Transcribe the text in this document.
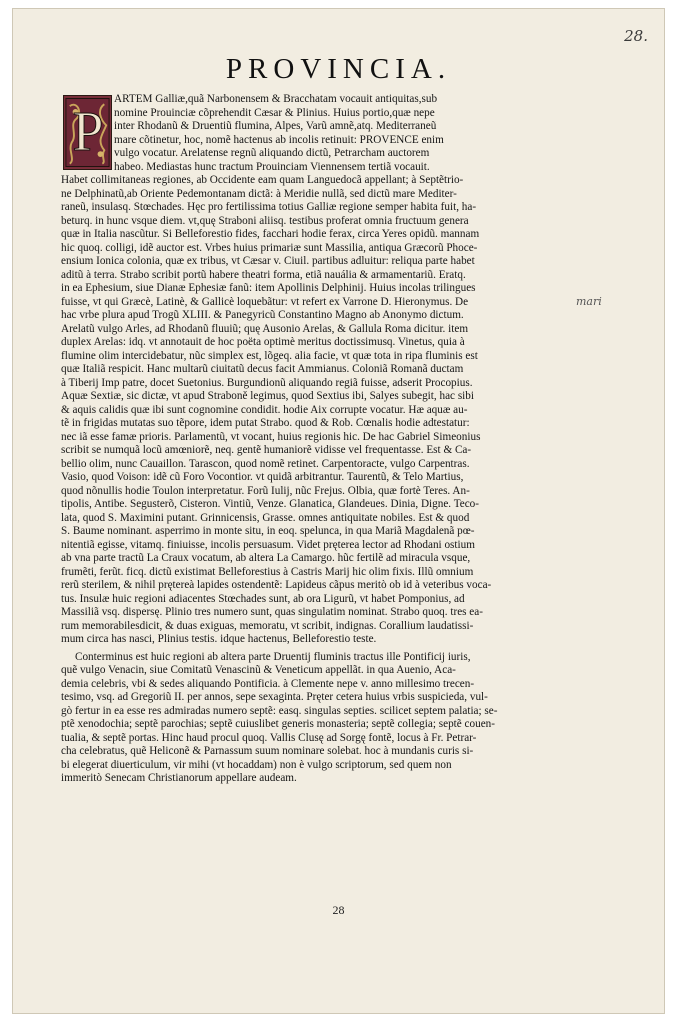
28.
PROVINCIA.
P
ARTEM Galliæ,quã Narbonensem & Bracchatam vocauit antiquitas,sub
nomine Prouinciæ cõprehendit Cæsar & Plinius. Huius portio,quæ nepe
inter Rhodanũ & Druentiũ flumina, Alpes, Varũ amnẽ,atq. Mediterraneũ
mare cõtinetur, hoc, nomẽ hactenus ab incolis retinuit: PROVENCE enim
vulgo vocatur. Arelatense regnũ aliquando dictũ, Petrarcham auctorem
habeo. Mediastas hunc tractum Prouinciam Viennensem tertiã vocauit.
Habet collimitaneas regiones, ab Occidente eam quam Languedocã appellant; à Septẽtrio-
ne Delphinatũ,ab Oriente Pedemontanam dictã: à Meridie nullã, sed dictũ mare Mediter-
raneũ, insulasq. Stœchades. Hęc pro fertilissima totius Galliæ regione semper habita fuit, ha-
beturq. in hunc vsque diem. vt,quę Straboni aliisq. testibus proferat omnia fructuum genera
quæ in Italia nascũtur. Si Belleforestio fides, facchari hodie ferax, circa Yeres opidũ. mannam
hic quoq. colligi, idẽ auctor est. Vrbes huius primariæ sunt Massilia, antiqua Græcorũ Phoce-
ensium Ionica colonia, quæ ex tribus, vt Cæsar v. Ciuil. partibus adluitur: reliqua parte habet
aditũ à terra. Strabo scribit portũ habere theatri forma, etiã nauália & armamentariũ. Eratq.
in ea Ephesium, siue Dianæ Ephesiæ fanũ: item Apollinis Delphinij. Huius incolas trilingues
fuisse, vt qui Græcè, Latinè, & Gallicè loquebãtur: vt refert ex Varrone D. Hieronymus. De
hac vrbe plura apud Trogũ XLIII. & Panegyricũ Constantino Magno ab Anonymo dictum.
Arelatũ vulgo Arles, ad Rhodanũ fluuiũ; quę Ausonio Arelas, & Gallula Roma dicitur. item
duplex Arelas: idq. vt annotauit de hoc poëta optimè meritus doctissimusq. Vinetus, quia à
flumine olim intercidebatur, nũc simplex est, lõgeq. alia facie, vt quæ tota in ripa fluminis est
quæ Italiã respicit. Hanc multarũ ciuitatũ decus facit Ammianus. Coloniã Romanã ductam
à Tiberij Imp patre, docet Suetonius. Burgundionũ aliquando regiã fuisse, adserit Procopius.
Aquæ Sextiæ, sic dictæ, vt apud Straboně legimus, quod Sextius ibi, Salyes subegit, hac sibi
& aquis calidis quæ ibi sunt cognomine condidit. hodie Aix corrupte vocatur. Hæ aquæ au-
tẽ in frigidas mutatas suo tẽpore, idem putat Strabo. quod & Rob. Cœnalis hodie adtestatur:
nec iã esse famæ prioris. Parlamentũ, vt vocant, huius regionis hic. De hac Gabriel Simeonius
scribit se numquã locũ amœniorẽ, neq. gentẽ humaniorẽ vidisse vel frequentasse. Est & Ca-
bellio olim, nunc Cauaillon. Tarascon, quod nomẽ retinet. Carpentoracte, vulgo Carpentras.
Vasio, quod Voison: idẽ cũ Foro Vocontior. vt quidã arbitrantur. Taurentũ, & Telo Martius,
quod nõnullis hodie Toulon interpretatur. Forũ Iulij, nũc Frejus. Olbia, quæ fortè Teres. An-
tipolis, Antibe. Segusterõ, Cisteron. Vintiũ, Venze. Glanatica, Glandeues. Dinia, Digne. Teco-
lata, quod S. Maximini putant. Grinnicensis, Grasse. omnes antiquitate nobiles. Est & quod
S. Baume nominant. asperrimo in monte situ, in eoq. spelunca, in qua Mariã Magdalenã pœ-
nitentiã egisse, vitamq. finiuisse, incolis persuasum. Videt pręterea lector ad Rhodani ostium
ab vna parte tractũ La Craux vocatum, ab altera La Camargo. hũc fertilẽ ad miracula vsque,
frumẽti, ferũt. ficq. dictũ existimat Belleforestius à Castris Marij hic olim fixis. Illũ omnium
rerũ sterilem, & nihil prętereà lapides ostendentẽ: Lapideus cãpus meritò ob id à veteribus voca-
tus. Insulæ huic regioni adiacentes Stœchades sunt, ab ora Ligurũ, vt habet Pomponius, ad
Massiliã vsq. dispersę. Plinio tres numero sunt, quas singulatim nominat. Strabo quoq. tres ea-
rum memorabilesdicit, & duas exiguas, memoratu, vt scribit, indignas. Corallium laudatissi-
mum circa has nasci, Plinius testis. idque hactenus, Belleforestio teste.
Conterminus est huic regioni ab altera parte Druentij fluminis tractus ille Pontificij iuris,
quẽ vulgo Venacin, siue Comitatũ Venascinũ & Veneticum appellãt. in qua Auenio, Aca-
demia celebris, vbi & sedes aliquando Pontificia. à Clemente nepe v. anno millesimo trecen-
tesimo, vsq. ad Gregoriũ II. per annos, sepe sexaginta. Pręter cetera huius vrbis suspicieda, vul-
gò fertur in ea esse res admiradas numero septẽ: easq. singulas septies. scilicet septem palatia; se-
ptẽ xenodochia; septẽ parochias; septẽ cuiuslibet generis monasteria; septẽ collegia; septẽ couen-
tualia, & septẽ portas. Hinc haud procul quoq. Vallis Clusę ad Sorgę fontẽ, locus à Fr. Petrar-
cha celebratus, quẽ Heliconẽ & Parnassum suum nominare solebat. hoc à mundanis curis si-
bi elegerat diuerticulum, vir mihi (vt hocaddam) non è vulgo scriptorum, sed quem non
immeritò Senecam Christianorum appellare audeam.
mari
28
